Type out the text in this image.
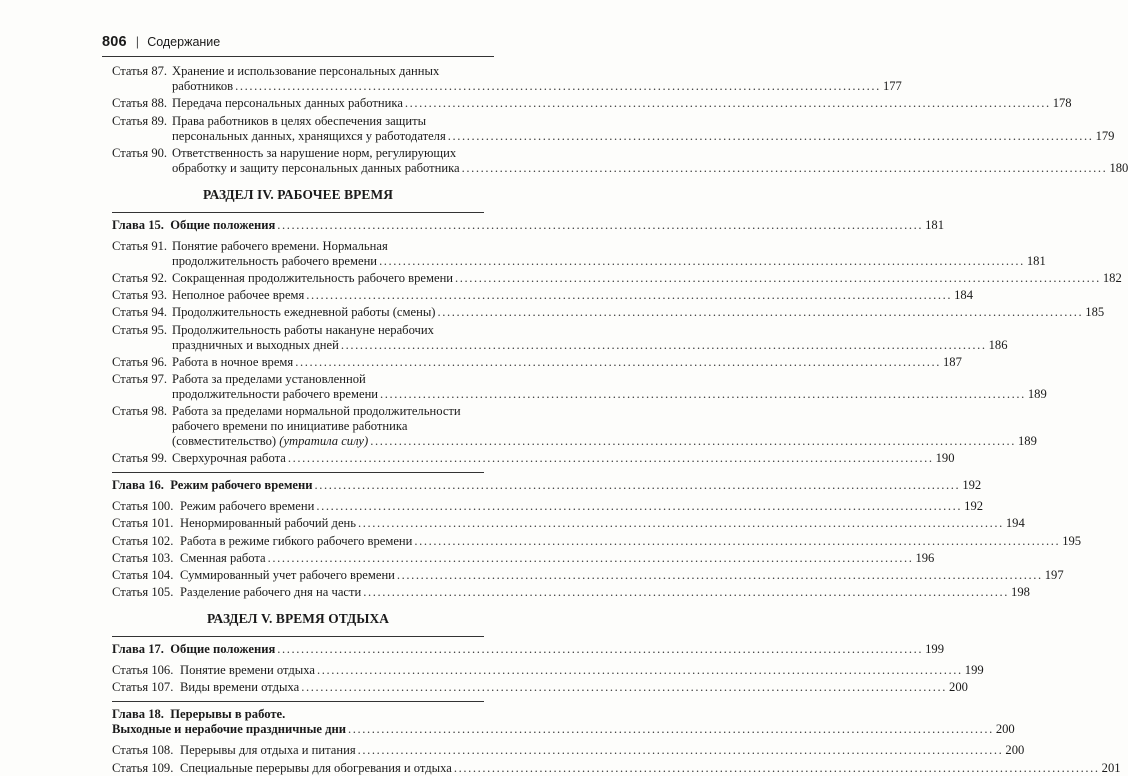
806 | Содержание
Статья 87. Хранение и использование персональных данных
работников .....	177
Статья 88. Передача персональных данных работника .....	178
Статья 89. Права работников в целях обеспечения защиты
персональных данных, хранящихся у работодателя .....	179
Статья 90. Ответственность за нарушение норм, регулирующих
обработку и защиту персональных данных работника .....	180
РАЗДЕЛ IV. РАБОЧЕЕ ВРЕМЯ
Глава 15. Общие положения .....	181
Статья 91. Понятие рабочего времени. Нормальная
продолжительность рабочего времени .....	181
Статья 92. Сокращенная продолжительность рабочего времени .....	182
Статья 93. Неполное рабочее время .....	184
Статья 94. Продолжительность ежедневной работы (смены) .....	185
Статья 95. Продолжительность работы накануне нерабочих
праздничных и выходных дней .....	186
Статья 96. Работа в ночное время .....	187
Статья 97. Работа за пределами установленной
продолжительности рабочего времени .....	189
Статья 98. Работа за пределами нормальной продолжительности
рабочего времени по инициативе работника
(совместительство) (утратила силу) .....	189
Статья 99. Сверхурочная работа .....	190
Глава 16. Режим рабочего времени .....	192
Статья 100. Режим рабочего времени .....	192
Статья 101. Ненормированный рабочий день .....	194
Статья 102. Работа в режиме гибкого рабочего времени .....	195
Статья 103. Сменная работа .....	196
Статья 104. Суммированный учет рабочего времени .....	197
Статья 105. Разделение рабочего дня на части .....	198
РАЗДЕЛ V. ВРЕМЯ ОТДЫХА
Глава 17. Общие положения .....	199
Статья 106. Понятие времени отдыха .....	199
Статья 107. Виды времени отдыха .....	200
Глава 18. Перерывы в работе.
Выходные и нерабочие праздничные дни .....	200
Статья 108. Перерывы для отдыха и питания .....	200
Статья 109. Специальные перерывы для обогревания и отдыха .....	201
